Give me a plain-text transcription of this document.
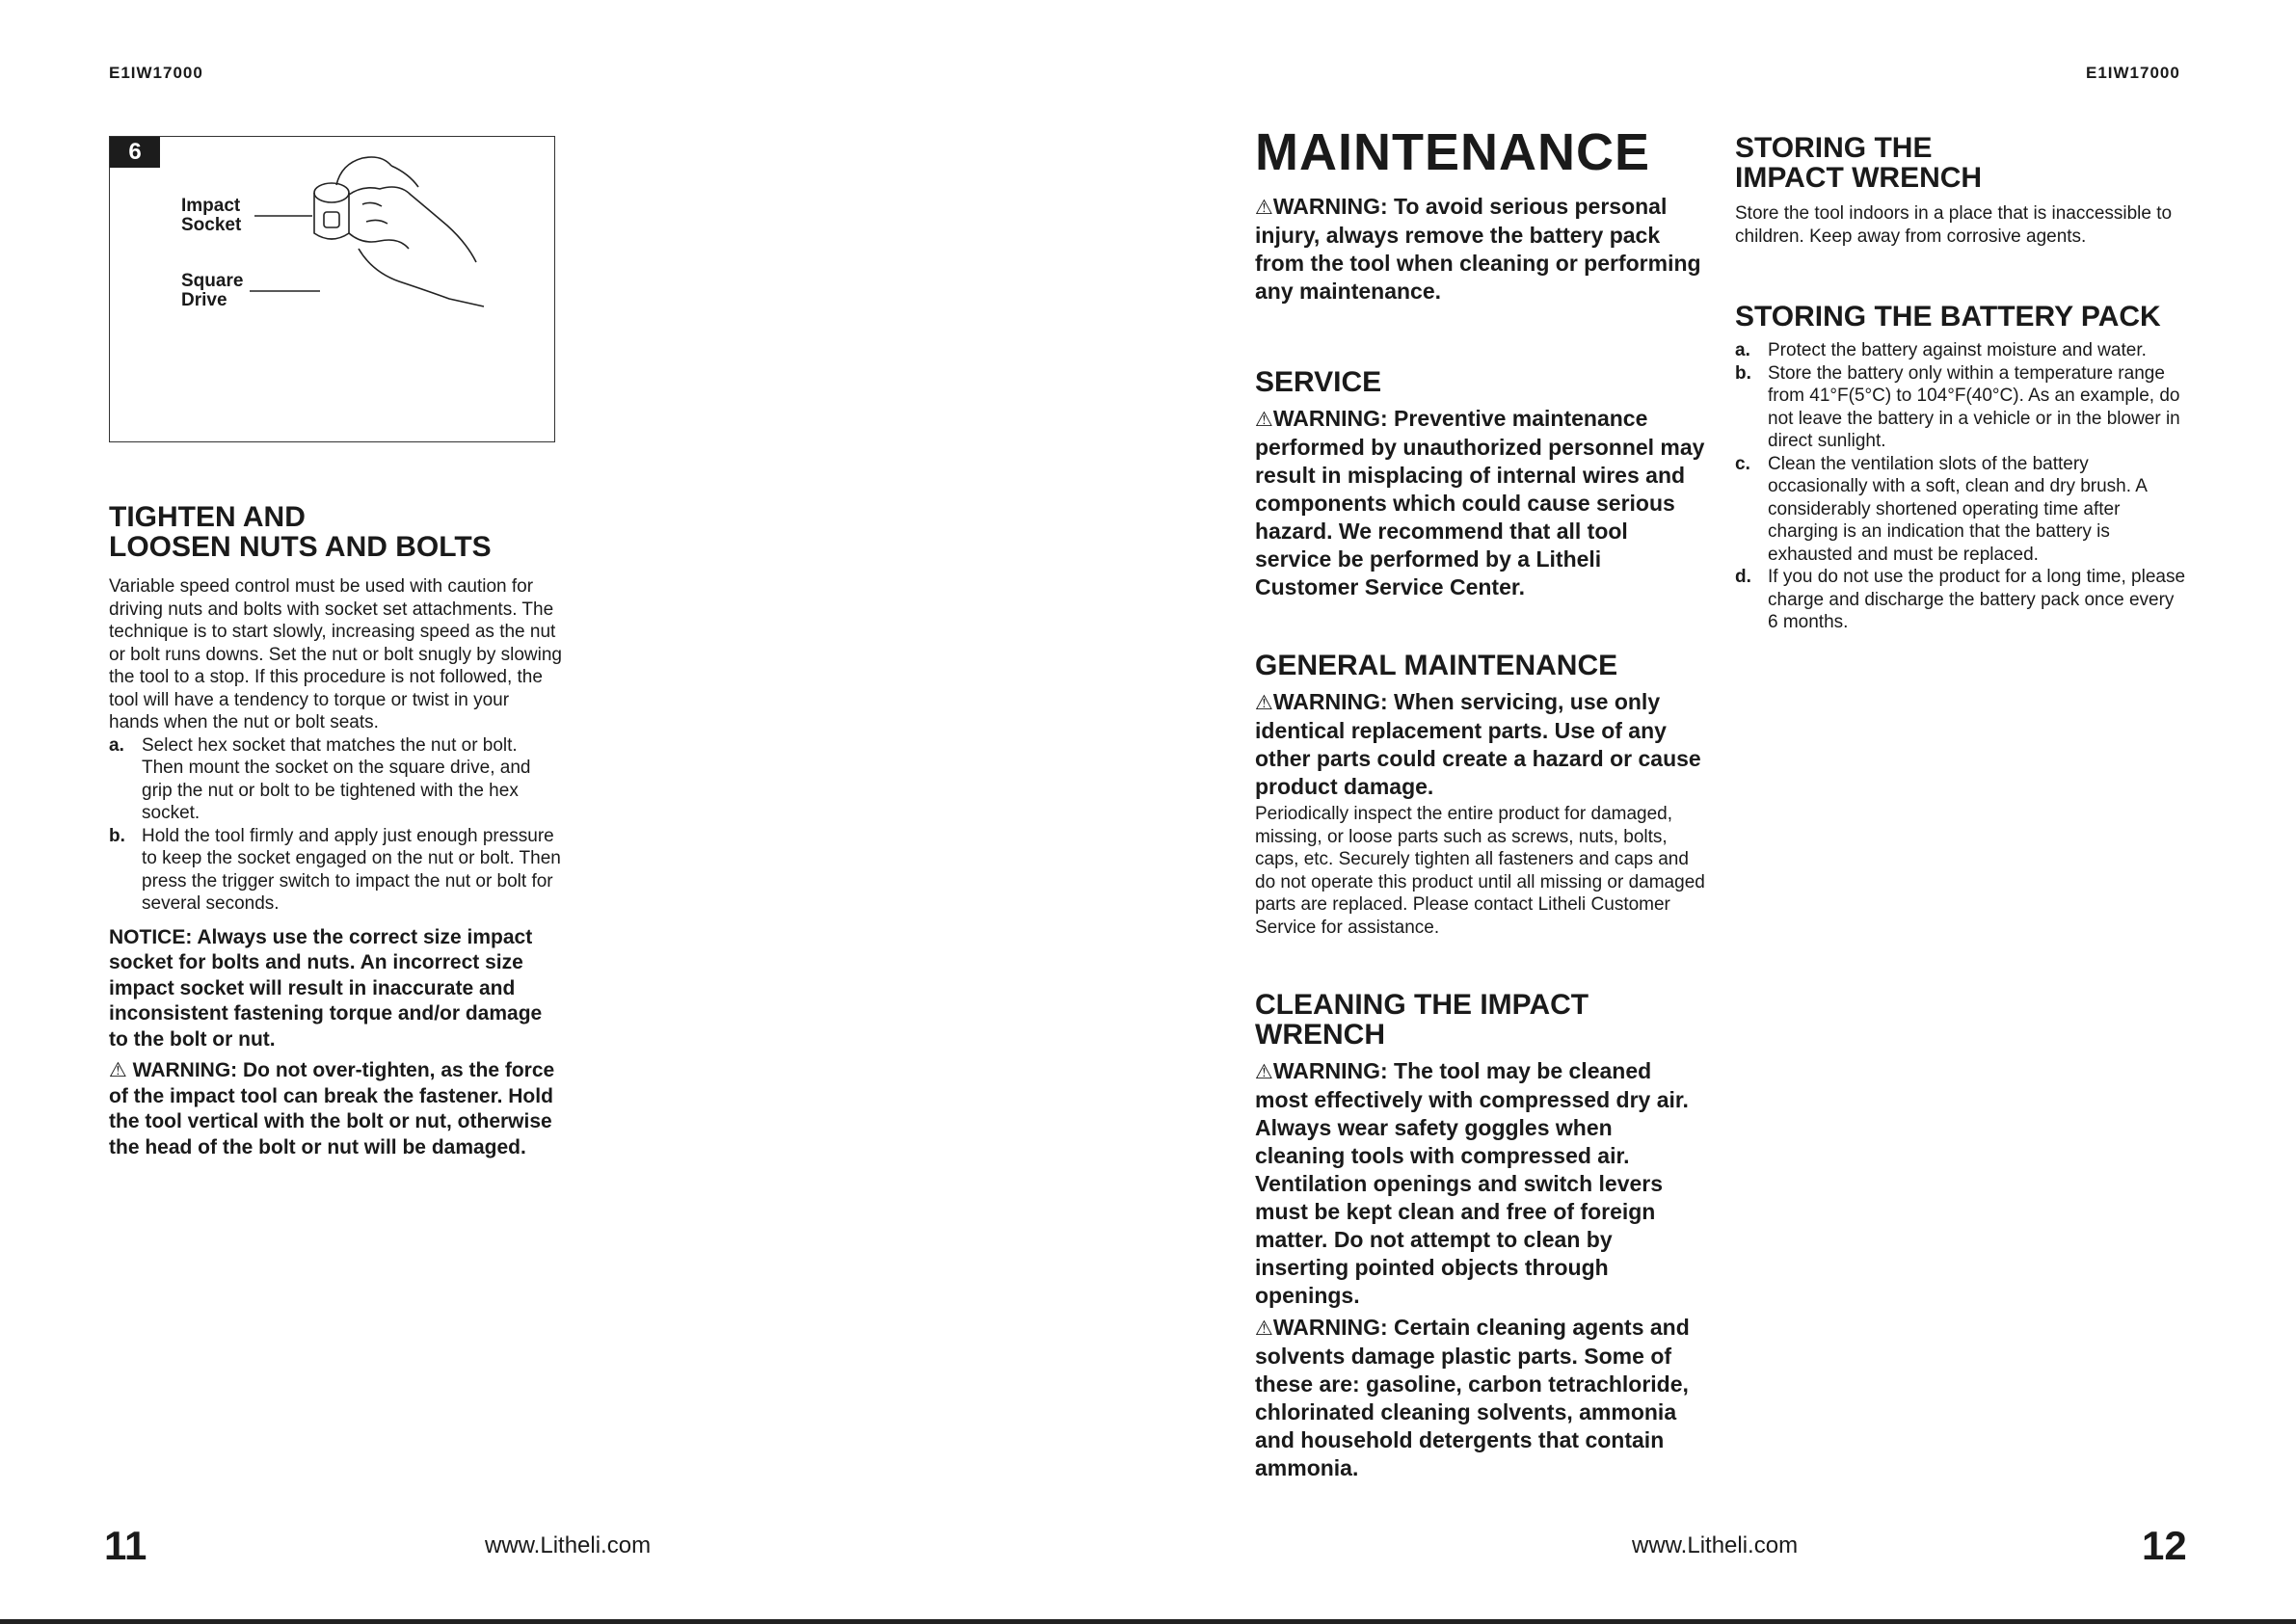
E1IW17000	E1IW17000
6
Impact
Socket
Square
Drive
TIGHTEN AND
LOOSEN NUTS AND BOLTS

Variable speed control must be used with caution for driving nuts and bolts with socket set attachments. The technique is to start slowly, increasing speed as the nut or bolt runs downs. Set the nut or bolt snugly by slowing the tool to a stop. If this procedure is not followed, the tool will have a tendency to torque or twist in your hands when the nut or bolt seats.

a. Select hex socket that matches the nut or bolt. Then mount the socket on the square drive, and grip the nut or bolt to be tightened with the hex socket.
b. Hold the tool firmly and apply just enough pressure to keep the socket engaged on the nut or bolt. Then press the trigger switch to impact the nut or bolt for several seconds.

NOTICE: Always use the correct size impact socket for bolts and nuts. An incorrect size impact socket will result in inaccurate and inconsistent fastening torque and/or damage to the bolt or nut.

⚠ WARNING: Do not over-tighten, as the force of the impact tool can break the fastener. Hold the tool vertical with the bolt or nut, otherwise the head of the bolt or nut will be damaged.

MAINTENANCE

⚠WARNING: To avoid serious personal injury, always remove the battery pack from the tool when cleaning or performing any maintenance.

SERVICE

⚠WARNING: Preventive maintenance performed by unauthorized personnel may result in misplacing of internal wires and components which could cause serious hazard. We recommend that all tool service be performed by a Litheli Customer Service Center.

GENERAL MAINTENANCE

⚠WARNING: When servicing, use only identical replacement parts. Use of any other parts could create a hazard or cause product damage.

Periodically inspect the entire product for damaged, missing, or loose parts such as screws, nuts, bolts, caps, etc. Securely tighten all fasteners and caps and do not operate this product until all missing or damaged parts are replaced. Please contact Litheli Customer Service for assistance.

CLEANING THE IMPACT
WRENCH

⚠WARNING: The tool may be cleaned most effectively with compressed dry air. Always wear safety goggles when cleaning tools with compressed air. Ventilation openings and switch levers must be kept clean and free of foreign matter. Do not attempt to clean by inserting pointed objects through openings.

⚠WARNING: Certain cleaning agents and solvents damage plastic parts. Some of these are: gasoline, carbon tetrachloride, chlorinated cleaning solvents, ammonia and household detergents that contain ammonia.

STORING THE
IMPACT WRENCH

Store the tool indoors in a place that is inaccessible to children. Keep away from corrosive agents.

STORING THE BATTERY PACK
a. Protect the battery against moisture and water.
b. Store the battery only within a temperature range from 41°F(5°C) to 104°F(40°C). As an example, do not leave the battery in a vehicle or in the blower in direct sunlight.
c. Clean the ventilation slots of the battery occasionally with a soft, clean and dry brush. A considerably shortened operating time after charging is an indication that the battery is exhausted and must be replaced.
d. If you do not use the product for a long time, please charge and discharge the battery pack once every 6 months.
11	www.Litheli.com	www.Litheli.com	12
